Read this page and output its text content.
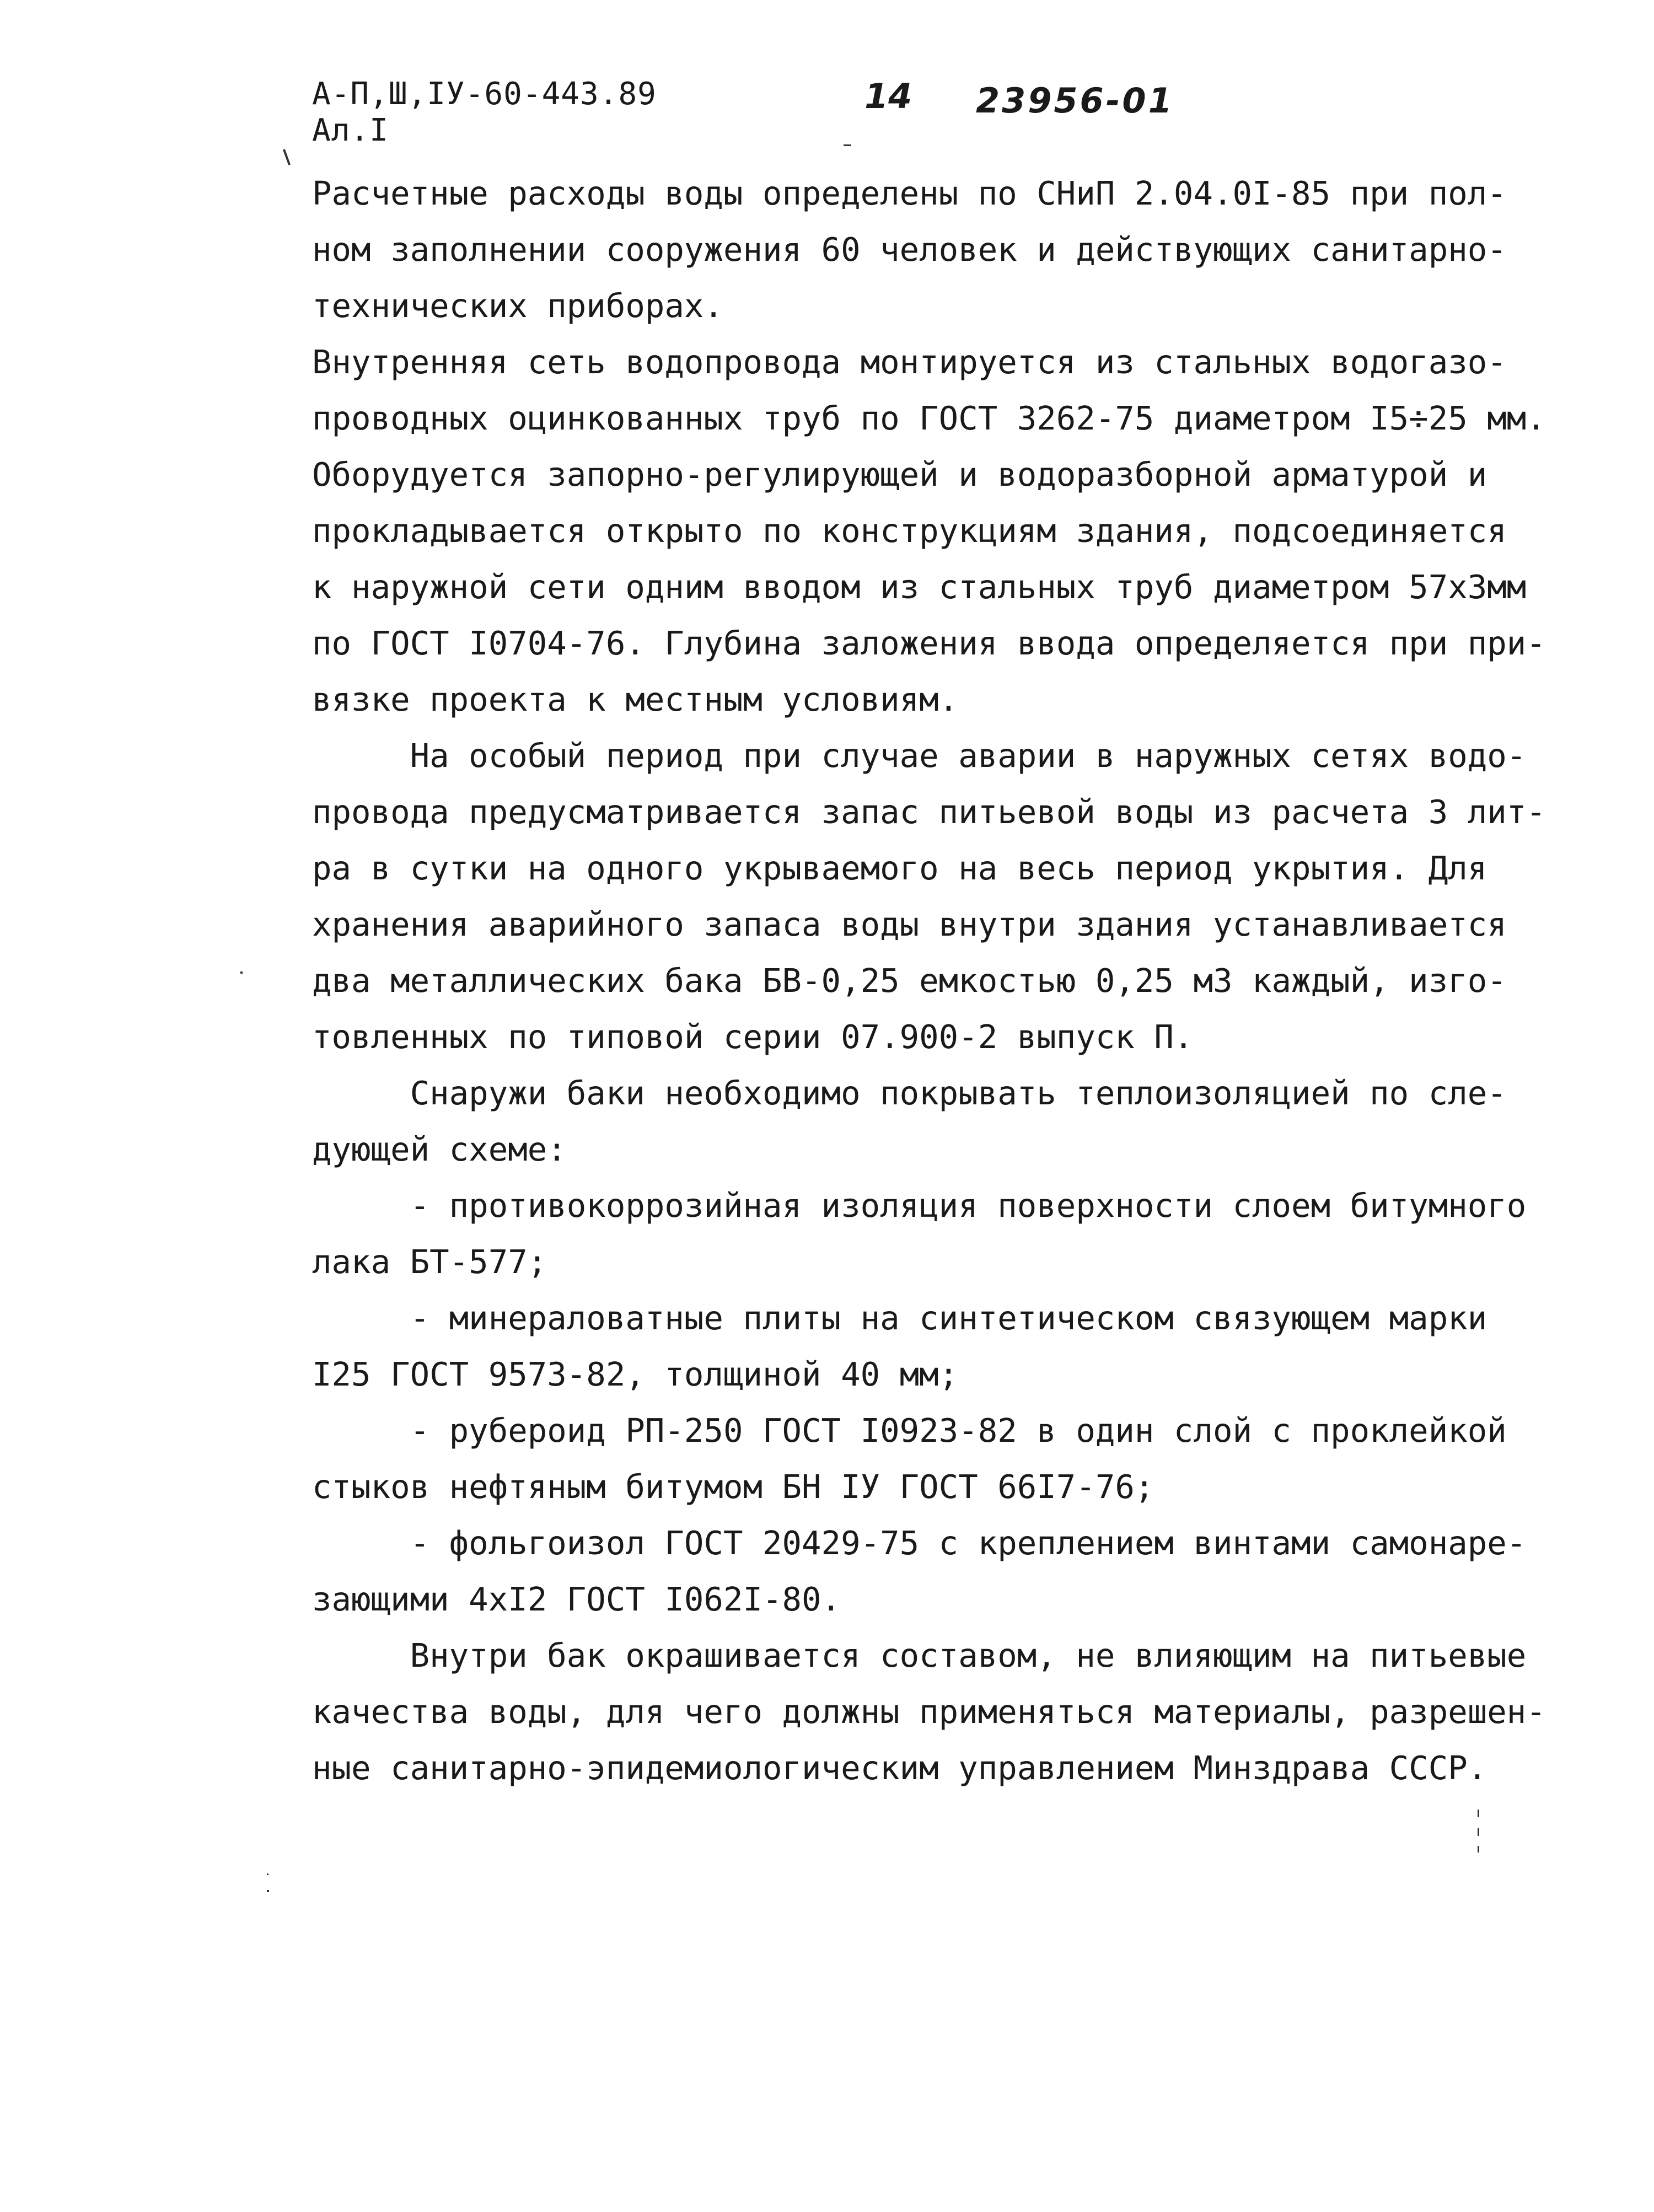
А-П,Ш,IУ-60-443.89
Ал.I
14 23956-01
Расчетные расходы воды определены по СНиП 2.04.0I-85 при пол-
ном заполнении сооружения 60 человек и действующих санитарно-
технических приборах.
Внутренняя сеть водопровода монтируется из стальных водогазо-
проводных оцинкованных труб по ГОСТ 3262-75 диаметром I5÷25 мм.
Оборудуется запорно-регулирующей и водоразборной арматурой и
прокладывается открыто по конструкциям здания, подсоединяется
к наружной сети одним вводом из стальных труб диаметром 57х3мм
по ГОСТ I0704-76. Глубина заложения ввода определяется при при-
вязке проекта к местным условиям.
На особый период при случае аварии в наружных сетях водо-
провода предусматривается запас питьевой воды из расчета 3 лит-
ра в сутки на одного укрываемого на весь период укрытия. Для
хранения аварийного запаса воды внутри здания устанавливается
два металлических бака БВ-0,25 емкостью 0,25 м3 каждый, изго-
товленных по типовой серии 07.900-2 выпуск П.
Снаружи баки необходимо покрывать теплоизоляцией по сле-
дующей схеме:
- противокоррозийная изоляция поверхности слоем битумного
лака БТ-577;
- минераловатные плиты на синтетическом связующем марки
I25 ГОСТ 9573-82, толщиной 40 мм;
- рубероид РП-250 ГОСТ I0923-82 в один слой с проклейкой
стыков нефтяным битумом БН IУ ГОСТ 66I7-76;
- фольгоизол ГОСТ 20429-75 с креплением винтами самонаре-
зающими 4хI2 ГОСТ I062I-80.
Внутри бак окрашивается составом, не влияющим на питьевые
качества воды, для чего должны применяться материалы, разрешен-
ные санитарно-эпидемиологическим управлением Минздрава СССР.
